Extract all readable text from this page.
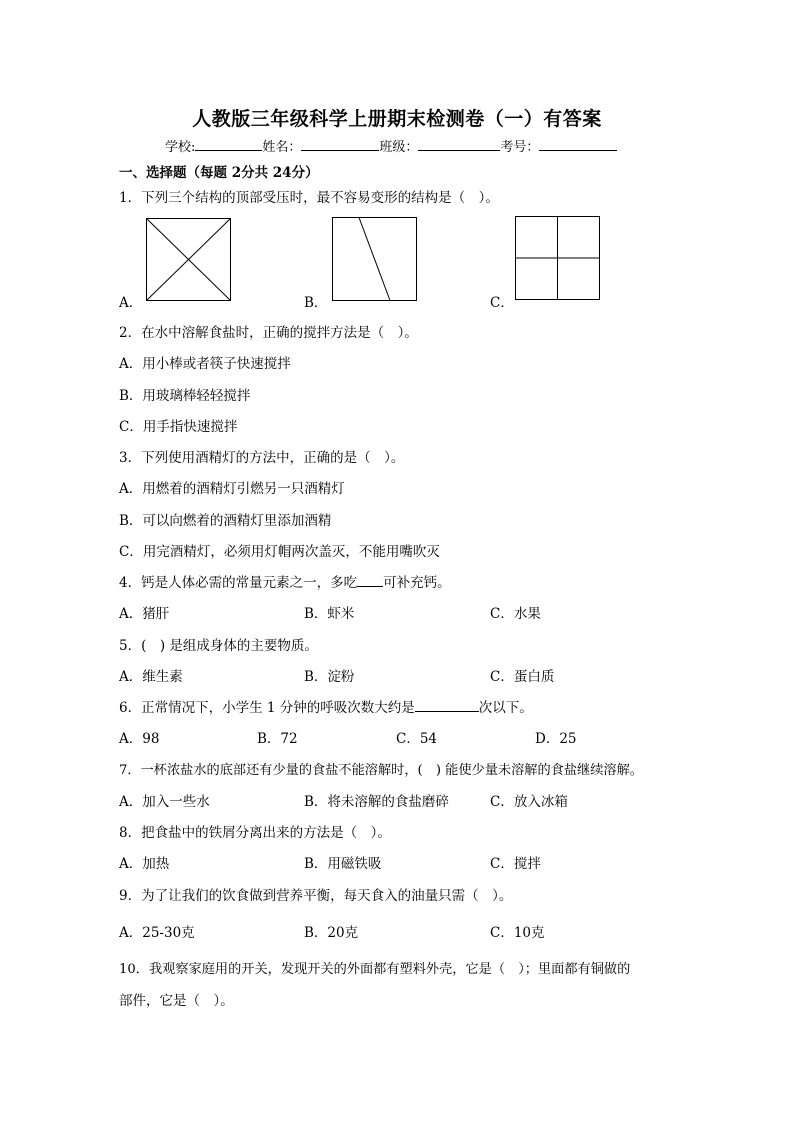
人教版三年级科学上册期末检测卷（一）有答案
学校:	姓名：	班级：	考号：
一、选择题（每题 2分共 24分）
1．下列三个结构的顶部受压时，最不容易变形的结构是（　）。
A．	B．	C．
2．在水中溶解食盐时，正确的搅拌方法是（　）。
A．用小棒或者筷子快速搅拌
B．用玻璃棒轻轻搅拌
C．用手指快速搅拌
3．下列使用酒精灯的方法中，正确的是（　）。
A．用燃着的酒精灯引燃另一只酒精灯
B．可以向燃着的酒精灯里添加酒精
C．用完酒精灯，必须用灯帽两次盖灭，不能用嘴吹灭
4．钙是人体必需的常量元素之一，多吃 可补充钙。
A．猪肝	B．虾米	C．水果
5．(　) 是组成身体的主要物质。
A．维生素	B．淀粉	C．蛋白质
6．正常情况下，小学生 1 分钟的呼吸次数大约是	次以下。
A．98	B．72	C．54	D．25
7．一杯浓盐水的底部还有少量的食盐不能溶解时，(　) 能使少量未溶解的食盐继续溶解。
A．加入一些水	B．将未溶解的食盐磨碎	C．放入冰箱
8．把食盐中的铁屑分离出来的方法是（　）。
A．加热	B．用磁铁吸	C．搅拌
9．为了让我们的饮食做到营养平衡，每天食入的油量只需（　）。
A．25-30克	B．20克	C．10克
10．我观察家庭用的开关，发现开关的外面都有塑料外壳，它是（　）；里面都有铜做的
部件，它是（　）。
